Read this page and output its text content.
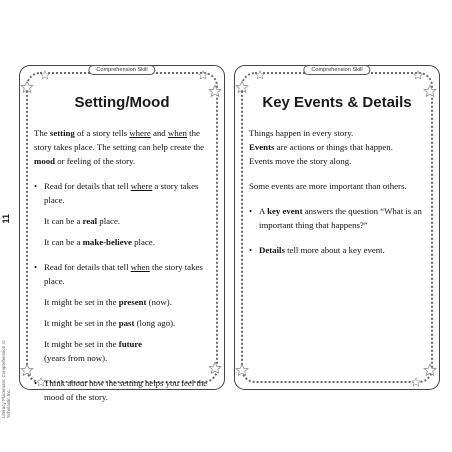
11
Literacy Placemats: Comprehension © Scholastic Inc.
Comprehension Skill
Setting/Mood

The setting of a story tells where and when the story takes place. The setting can help create the mood or feeling of the story.

• Read for details that tell where a story takes place.

It can be a real place.

It can be a make-believe place.

• Read for details that tell when the story takes place.

It might be set in the present (now).

It might be set in the past (long ago).

It might be set in the future
(years from now).

• Think about how the setting helps you feel the mood of the story.
Comprehension Skill
Key Events & Details

Things happen in every story.

Events are actions or things that happen.

Events move the story along.

Some events are more important than others.

• A key event answers the question “What is an important thing that happens?”
• Details tell more about a key event.
